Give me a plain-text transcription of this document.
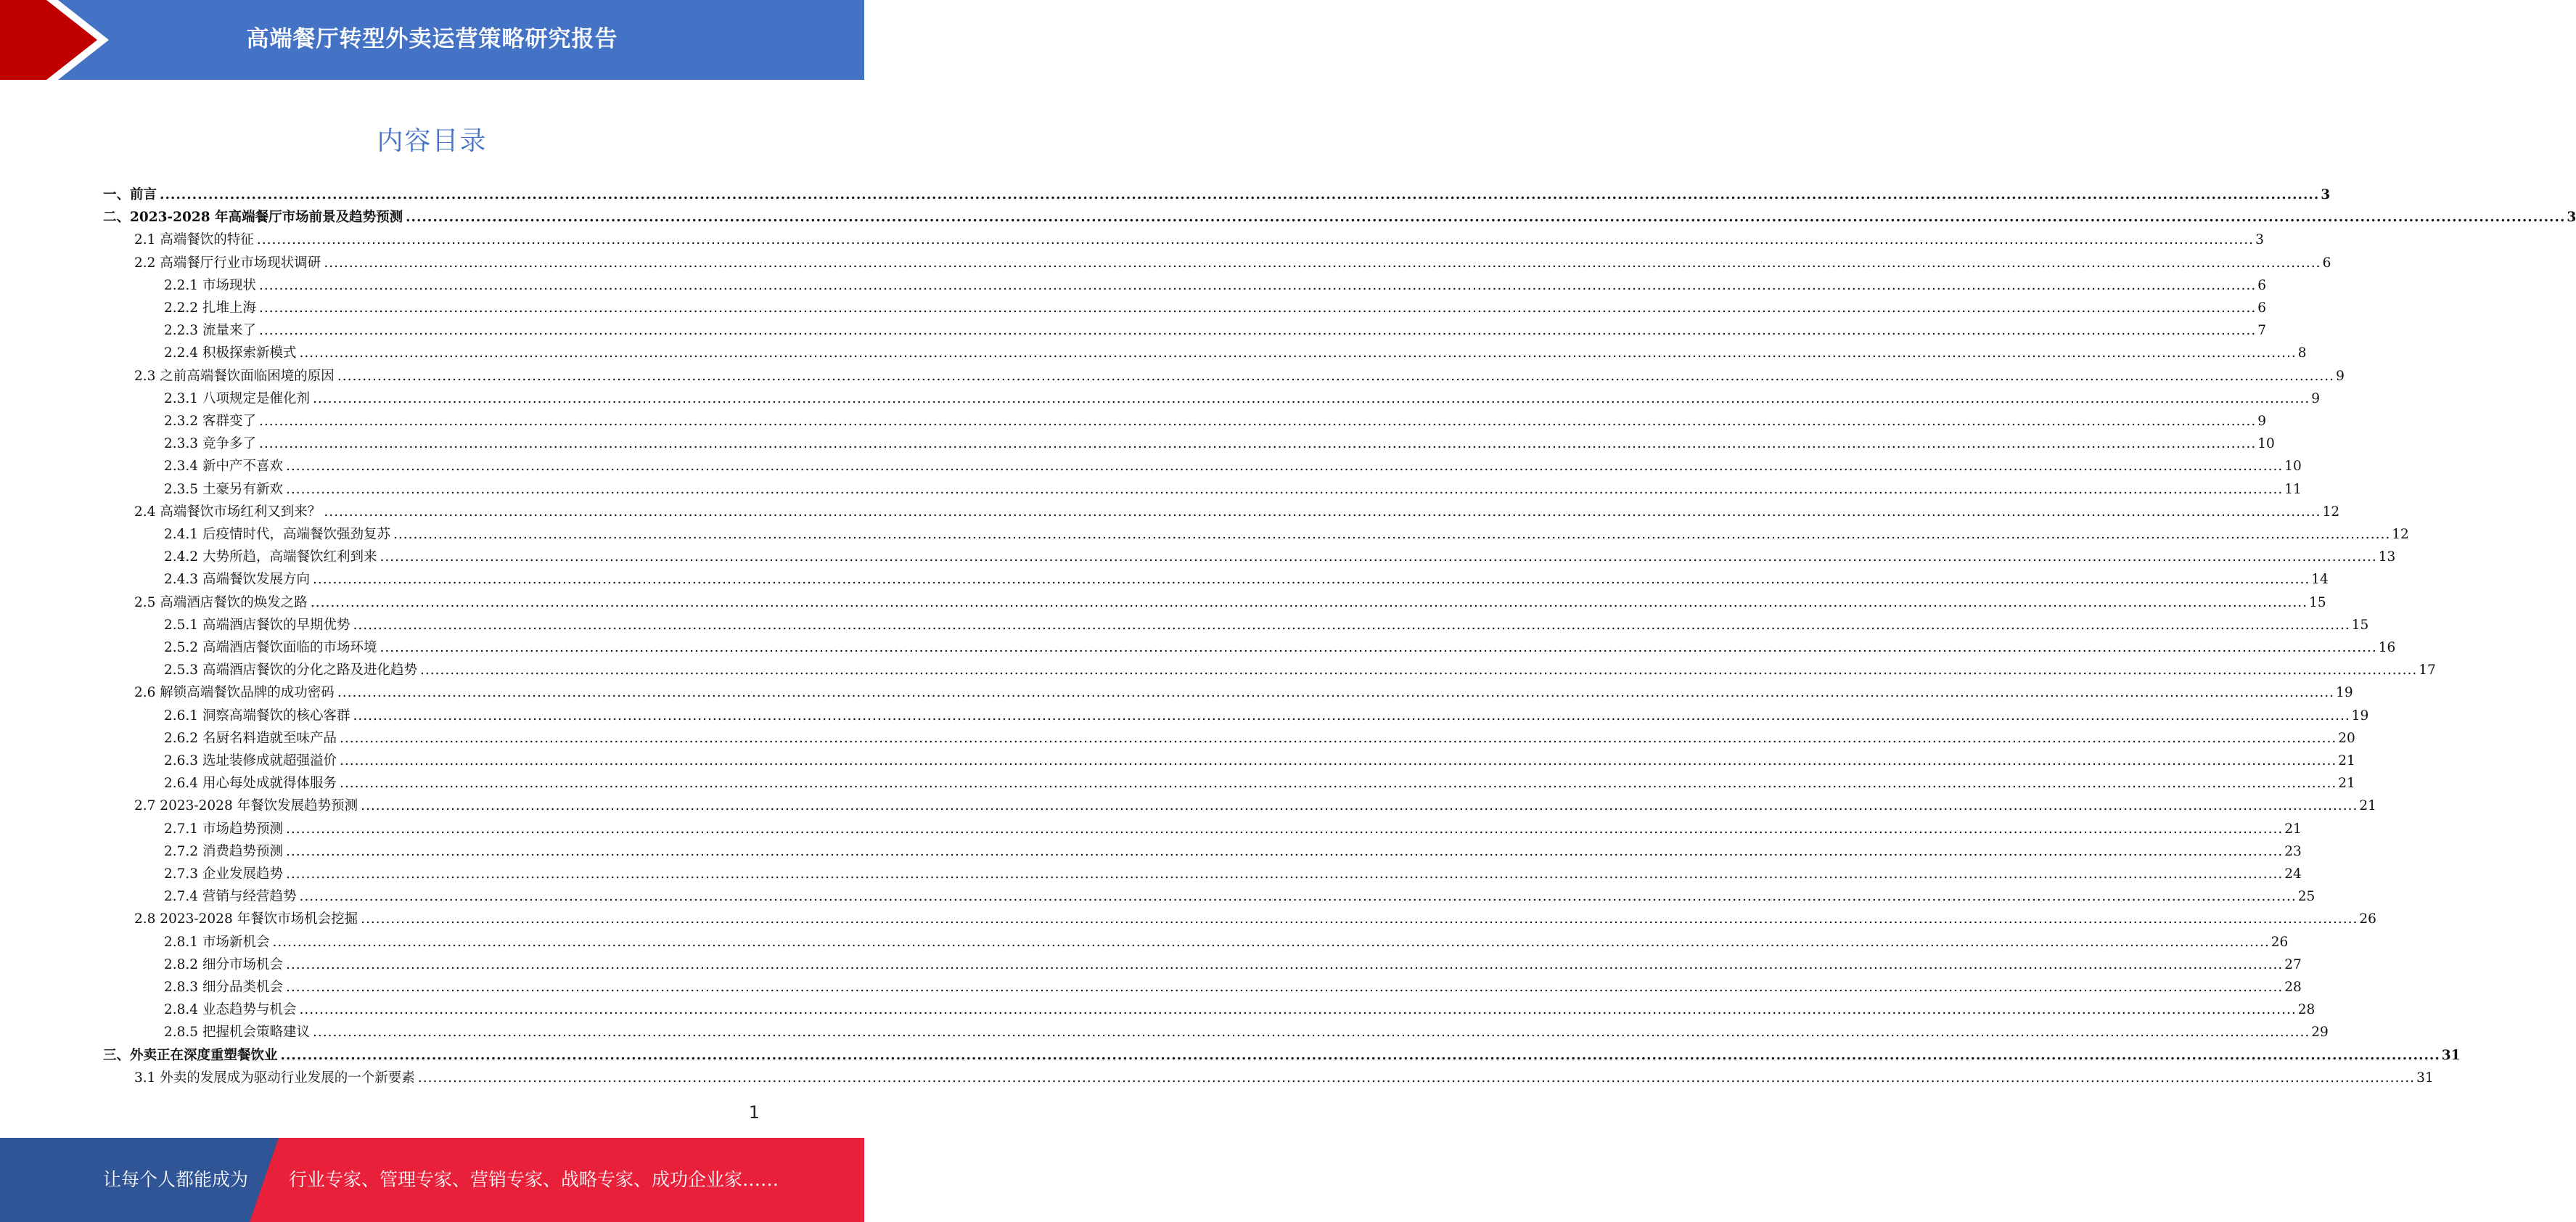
高端餐厅转型外卖运营策略研究报告
内容目录
一、前言 ................................................................................................................................................................................................................................................................................................................................................................................................................ 3
二、2023-2028 年高端餐厅市场前景及趋势预测 ................................................................................................................................................................................................................................................................................................................................................................................................................ 3
2.1 高端餐饮的特征 ................................................................................................................................................................................................................................................................................................................................................................................................................ 3
2.2 高端餐厅行业市场现状调研 ................................................................................................................................................................................................................................................................................................................................................................................................................ 6
2.2.1 市场现状 ................................................................................................................................................................................................................................................................................................................................................................................................................ 6
2.2.2 扎堆上海 ................................................................................................................................................................................................................................................................................................................................................................................................................ 6
2.2.3 流量来了 ................................................................................................................................................................................................................................................................................................................................................................................................................ 7
2.2.4 积极探索新模式 ................................................................................................................................................................................................................................................................................................................................................................................................................ 8
2.3 之前高端餐饮面临困境的原因 ................................................................................................................................................................................................................................................................................................................................................................................................................ 9
2.3.1 八项规定是催化剂 ................................................................................................................................................................................................................................................................................................................................................................................................................ 9
2.3.2 客群变了 ................................................................................................................................................................................................................................................................................................................................................................................................................ 9
2.3.3 竞争多了 ................................................................................................................................................................................................................................................................................................................................................................................................................ 10
2.3.4 新中产不喜欢 ................................................................................................................................................................................................................................................................................................................................................................................................................ 10
2.3.5 土豪另有新欢 ................................................................................................................................................................................................................................................................................................................................................................................................................ 11
2.4 高端餐饮市场红利又到来？ ................................................................................................................................................................................................................................................................................................................................................................................................................ 12
2.4.1 后疫情时代，高端餐饮强劲复苏 ................................................................................................................................................................................................................................................................................................................................................................................................................ 12
2.4.2 大势所趋，高端餐饮红利到来 ................................................................................................................................................................................................................................................................................................................................................................................................................ 13
2.4.3 高端餐饮发展方向 ................................................................................................................................................................................................................................................................................................................................................................................................................ 14
2.5 高端酒店餐饮的焕发之路 ................................................................................................................................................................................................................................................................................................................................................................................................................ 15
2.5.1 高端酒店餐饮的早期优势 ................................................................................................................................................................................................................................................................................................................................................................................................................ 15
2.5.2 高端酒店餐饮面临的市场环境 ................................................................................................................................................................................................................................................................................................................................................................................................................ 16
2.5.3 高端酒店餐饮的分化之路及进化趋势 ................................................................................................................................................................................................................................................................................................................................................................................................................ 17
2.6 解锁高端餐饮品牌的成功密码 ................................................................................................................................................................................................................................................................................................................................................................................................................ 19
2.6.1 洞察高端餐饮的核心客群 ................................................................................................................................................................................................................................................................................................................................................................................................................ 19
2.6.2 名厨名料造就至味产品 ................................................................................................................................................................................................................................................................................................................................................................................................................ 20
2.6.3 选址装修成就超强溢价 ................................................................................................................................................................................................................................................................................................................................................................................................................ 21
2.6.4 用心每处成就得体服务 ................................................................................................................................................................................................................................................................................................................................................................................................................ 21
2.7 2023-2028 年餐饮发展趋势预测 ................................................................................................................................................................................................................................................................................................................................................................................................................ 21
2.7.1 市场趋势预测 ................................................................................................................................................................................................................................................................................................................................................................................................................ 21
2.7.2 消费趋势预测 ................................................................................................................................................................................................................................................................................................................................................................................................................ 23
2.7.3 企业发展趋势 ................................................................................................................................................................................................................................................................................................................................................................................................................ 24
2.7.4 营销与经营趋势 ................................................................................................................................................................................................................................................................................................................................................................................................................ 25
2.8 2023-2028 年餐饮市场机会挖掘 ................................................................................................................................................................................................................................................................................................................................................................................................................ 26
2.8.1 市场新机会 ................................................................................................................................................................................................................................................................................................................................................................................................................ 26
2.8.2 细分市场机会 ................................................................................................................................................................................................................................................................................................................................................................................................................ 27
2.8.3 细分品类机会 ................................................................................................................................................................................................................................................................................................................................................................................................................ 28
2.8.4 业态趋势与机会 ................................................................................................................................................................................................................................................................................................................................................................................................................ 28
2.8.5 把握机会策略建议 ................................................................................................................................................................................................................................................................................................................................................................................................................ 29
三、外卖正在深度重塑餐饮业 ................................................................................................................................................................................................................................................................................................................................................................................................................ 31
3.1 外卖的发展成为驱动行业发展的一个新要素 ................................................................................................................................................................................................................................................................................................................................................................................................................ 31
1
让每个人都能成为 行业专家、管理专家、营销专家、战略专家、成功企业家……
